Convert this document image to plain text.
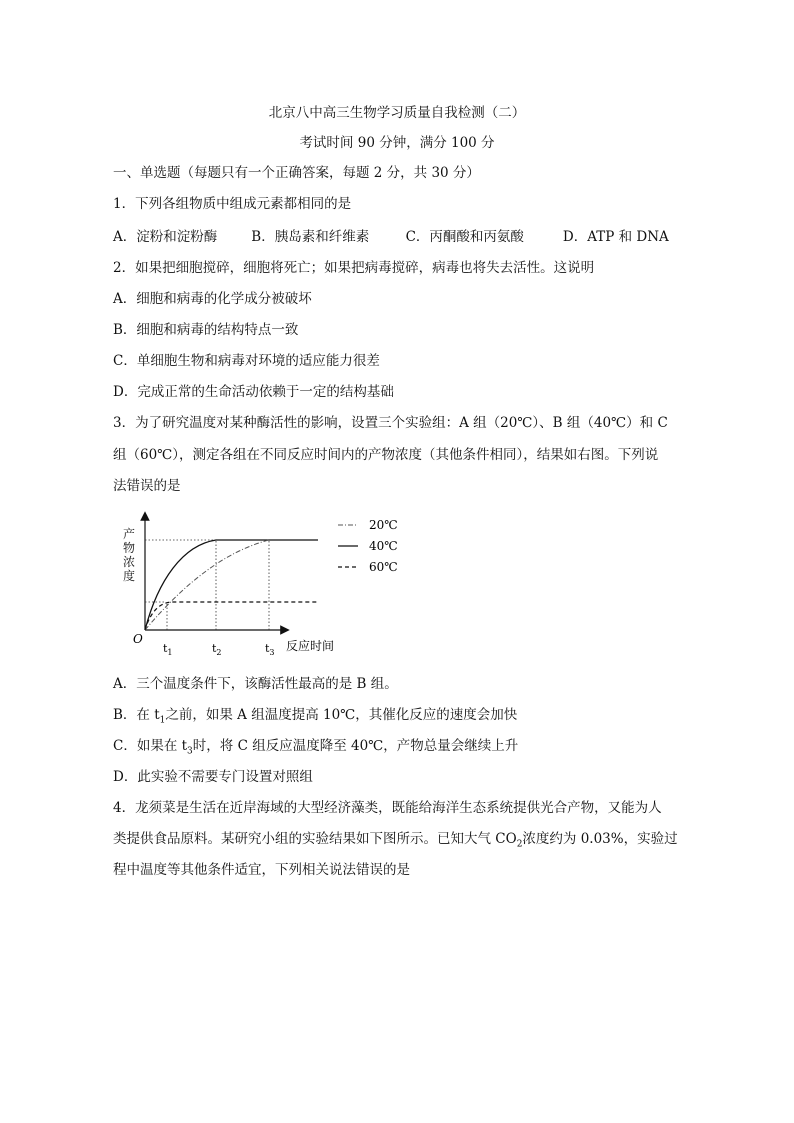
北京八中高三生物学习质量自我检测（二）
考试时间 90 分钟，满分 100 分
一、单选题（每题只有一个正确答案，每题 2 分，共 30 分）
1．下列各组物质中组成元素都相同的是
A．淀粉和淀粉酶	B．胰岛素和纤维素	C．丙酮酸和丙氨酸	D．ATP 和 DNA
2．如果把细胞搅碎，细胞将死亡；如果把病毒搅碎，病毒也将失去活性。这说明
A．细胞和病毒的化学成分被破坏
B．细胞和病毒的结构特点一致
C．单细胞生物和病毒对环境的适应能力很差
D．完成正常的生命活动依赖于一定的结构基础
3．为了研究温度对某种酶活性的影响，设置三个实验组：A 组（20℃）、B 组（40℃）和 C
组（60℃），测定各组在不同反应时间内的产物浓度（其他条件相同），结果如右图。下列说
法错误的是
产
物
浓
度
O
$t_1$	$t_2$	$t_3$ 反应时间
20℃
40℃
60℃
A．三个温度条件下，该酶活性最高的是 B 组。
B．在 $t_1$之前，如果 A 组温度提高 10℃，其催化反应的速度会加快
C．如果在 $t_3$时，将 C 组反应温度降至 40℃，产物总量会继续上升
D．此实验不需要专门设置对照组
4．龙须菜是生活在近岸海域的大型经济藻类，既能给海洋生态系统提供光合产物，又能为人
类提供食品原料。某研究小组的实验结果如下图所示。已知大气 $CO_2$浓度约为 0.03%，实验过
程中温度等其他条件适宜，下列相关说法错误的是
